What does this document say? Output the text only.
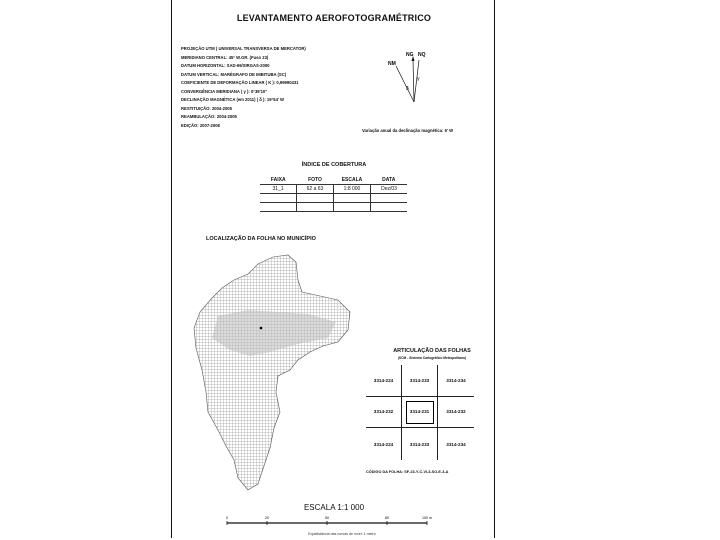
LEVANTAMENTO AEROFOTOGRAMÉTRICO
PROJEÇÃO UTM ( UNIVERSAL TRANSVERSA DE MERCATOR)
MERIDIANO CENTRAL: 45° W.GR. (Fuso 23)
DATUM HORIZONTAL: SAD-69/SIRGAS-2000
DATUM VERTICAL: MARÉGRAFO DE IMBITUBA (SC)
COEFICIENTE DE DEFORMAÇÃO LINEAR ( K ): 0,99990431
CONVERGÊNCIA MERIDIANA ( γ ): 0°39'10"
DECLINAÇÃO MAGNÉTICA (em 2011) ( δ ): 19°54' W
RESTITUIÇÃO: 2004-2005
REAMBULAÇÃO: 2004-2005
EDIÇÃO: 2007-2008
NG NQ
NM
γ
δ
Variação anual da declinação magnética: 6' W
ÍNDICE DE COBERTURA
FAIXA	FOTO	ESCALA	DATA
31_1	62 a 63	1:8 000	Dez/03

LOCALIZAÇÃO DA FOLHA NO MUNICÍPIO
ARTICULAÇÃO DAS FOLHAS
(SCM - Sistema Cartográfico Metropolitano)
3314-224	3314-233	3314-234
3314-232	3314-231	3314-232
3314-224	3314-233	3314-234
CÓDIGO DA FOLHA: SF-23-Y-C-VI-3-SO-E-3-A
ESCALA 1:1 000
Equidistância das curvas de nível: 1 metro
0	20	50	80	100 m
